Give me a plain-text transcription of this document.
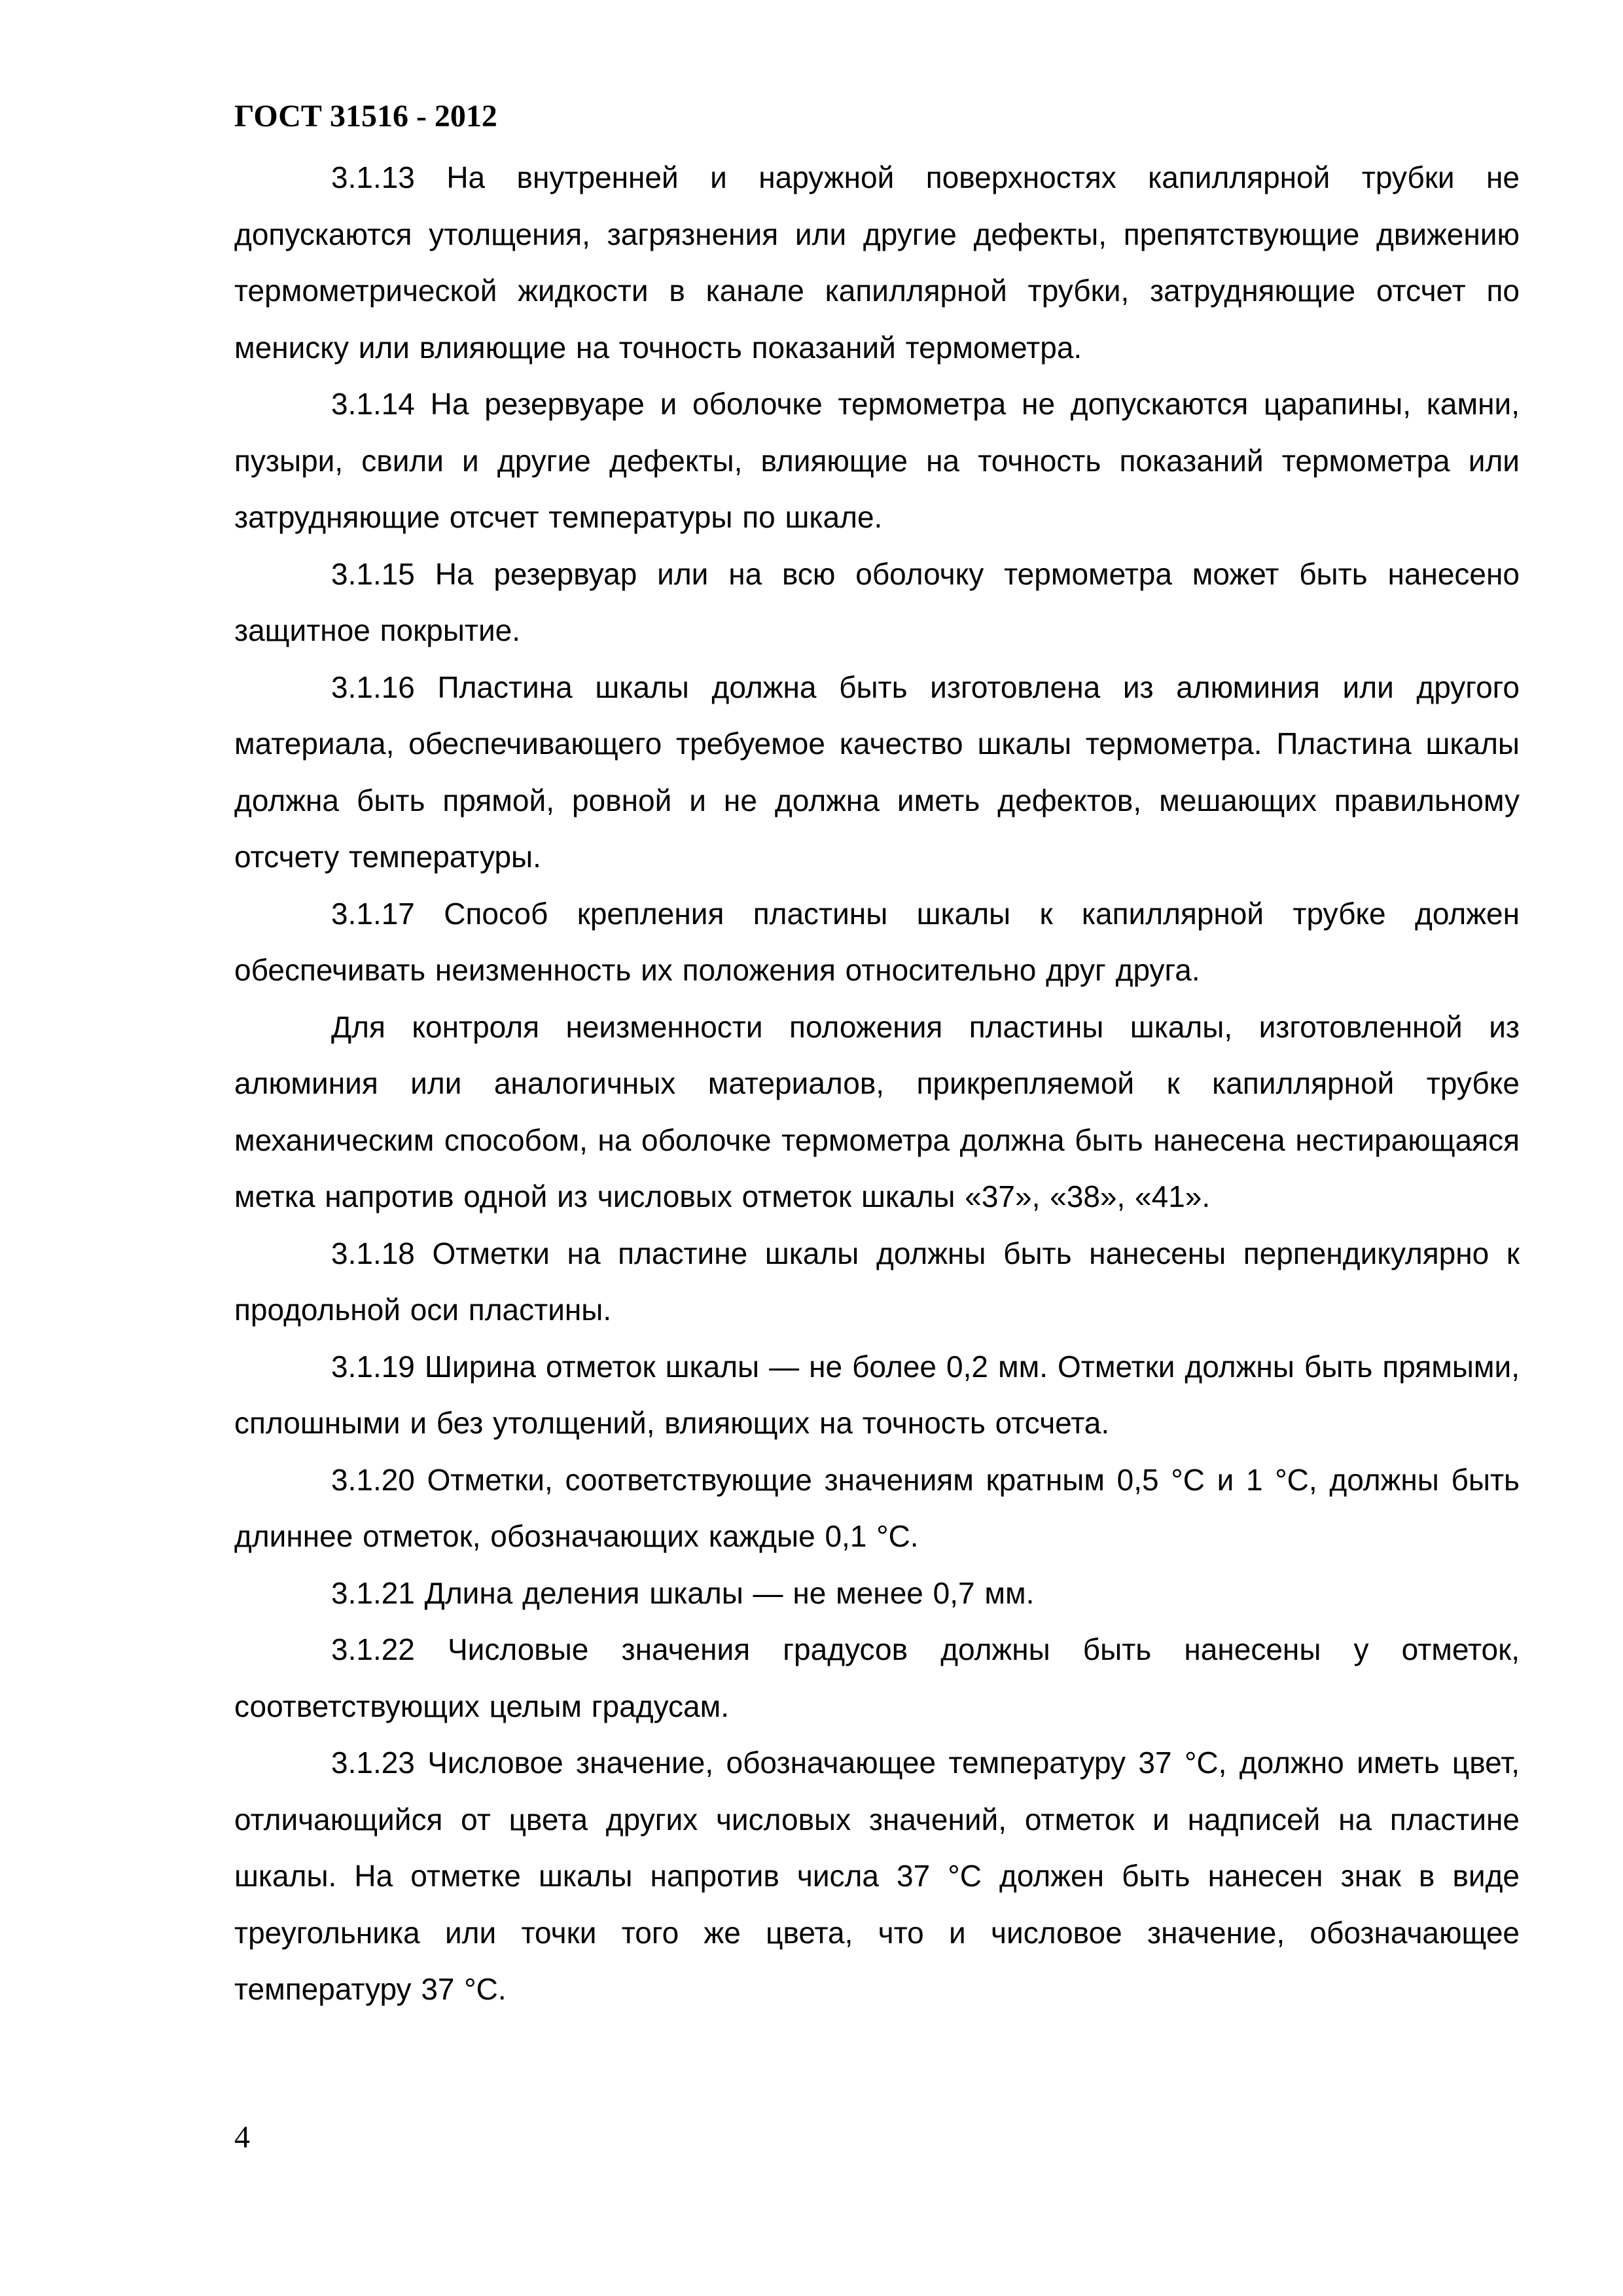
ГОСТ 31516 - 2012

3.1.13 На внутренней и наружной поверхностях капиллярной трубки не допускаются утолщения, загрязнения или другие дефекты, препятствующие движению термометрической жидкости в канале капиллярной трубки, затрудняющие отсчет по мениску или влияющие на точность показаний термометра.

3.1.14 На резервуаре и оболочке термометра не допускаются царапины, камни, пузыри, свили и другие дефекты, влияющие на точность показаний термометра или затрудняющие отсчет температуры по шкале.

3.1.15 На резервуар или на всю оболочку термометра может быть нанесено защитное покрытие.

3.1.16 Пластина шкалы должна быть изготовлена из алюминия или другого материала, обеспечивающего требуемое качество шкалы термометра. Пластина шкалы должна быть прямой, ровной и не должна иметь дефектов, мешающих правильному отсчету температуры.

3.1.17 Способ крепления пластины шкалы к капиллярной трубке должен обеспечивать неизменность их положения относительно друг друга.

Для контроля неизменности положения пластины шкалы, изготовленной из алюминия или аналогичных материалов, прикрепляемой к капиллярной трубке механическим способом, на оболочке термометра должна быть нанесена нестирающаяся метка напротив одной из числовых отметок шкалы «37», «38», «41».

3.1.18 Отметки на пластине шкалы должны быть нанесены перпендикулярно к продольной оси пластины.

3.1.19 Ширина отметок шкалы — не более 0,2 мм. Отметки должны быть прямыми, сплошными и без утолщений, влияющих на точность отсчета.

3.1.20 Отметки, соответствующие значениям кратным 0,5 °С и 1 °С, должны быть длиннее отметок, обозначающих каждые 0,1 °С.

3.1.21 Длина деления шкалы — не менее 0,7 мм.

3.1.22 Числовые значения градусов должны быть нанесены у отметок, соответствующих целым градусам.

3.1.23 Числовое значение, обозначающее температуру 37 °С, должно иметь цвет, отличающийся от цвета других числовых значений, отметок и надписей на пластине шкалы. На отметке шкалы напротив числа 37 °С должен быть нанесен знак в виде треугольника или точки того же цвета, что и числовое значение, обозначающее температуру 37 °С.

4
